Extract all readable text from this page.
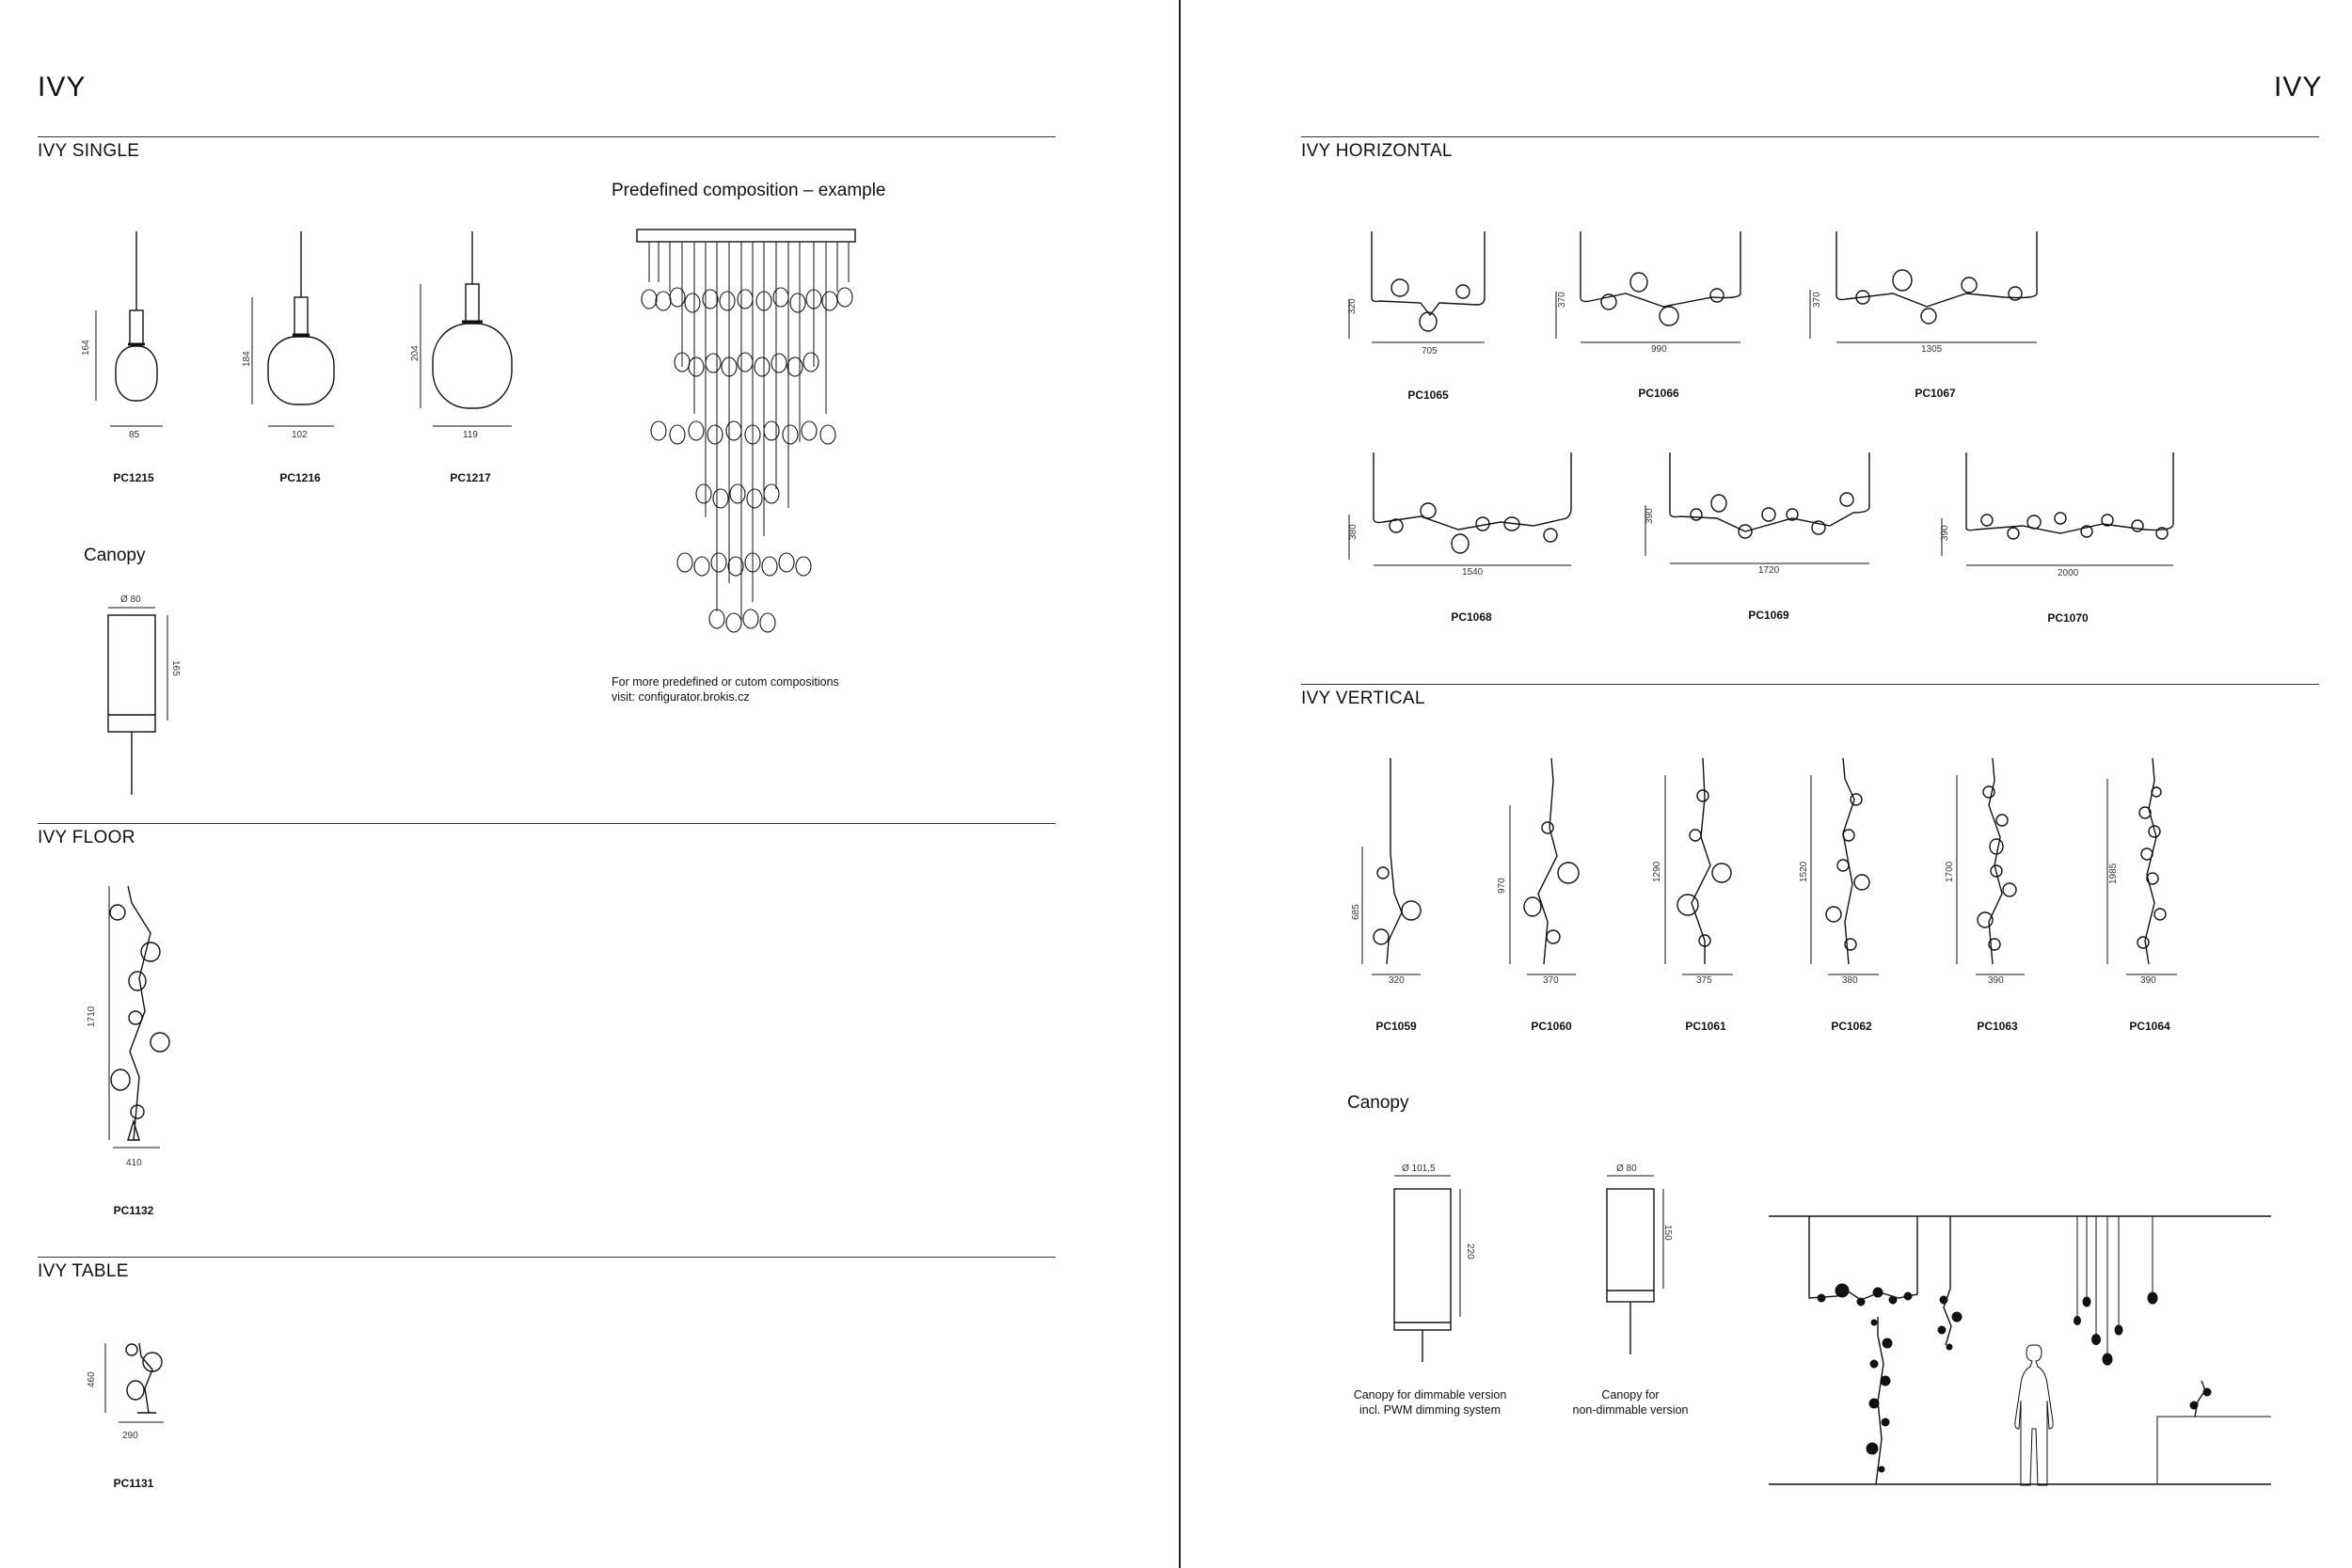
IVY
IVY SINGLE
164
85
PC1215
184
102
PC1216
204
119
PC1217
Canopy
Ø 80
165
Predefined composition – example
For more predefined or cutom compositions
visit: configurator.brokis.cz
IVY FLOOR
1710
410
PC1132
IVY TABLE
460
290
PC1131
IVY
IVY HORIZONTAL
320
705
PC1065
370
990
PC1066
370
1305
PC1067
380
1540
PC1068
390
1720
PC1069
390
2000
PC1070
IVY VERTICAL
685
320
PC1059
970
370
PC1060
1290
375
PC1061
1520
380
PC1062
1700
390
PC1063
1985
390
PC1064
Canopy
Ø 101,5
220
Canopy for dimmable version
incl. PWM dimming system
Ø 80
150
Canopy for
non-dimmable version
